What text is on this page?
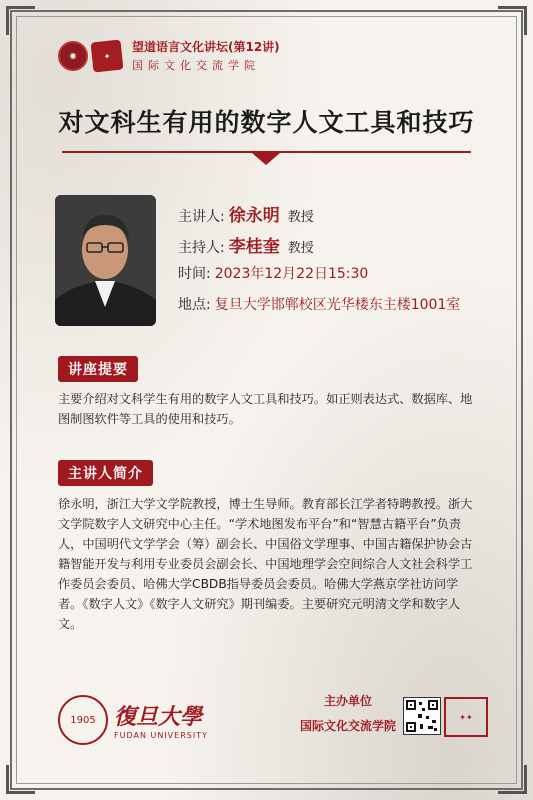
◉	✦
望道语言文化讲坛(第12讲)
国际文化交流学院
对文科生有用的数字人文工具和技巧
主讲人: 徐永明 教授
主持人: 李桂奎 教授
时间: 2023年12月22日15:30
地点: 复旦大学邯郸校区光华楼东主楼1001室
讲座提要
主要介绍对文科学生有用的数字人文工具和技巧。如正则表达式、数据库、地图制图软件等工具的使用和技巧。
主讲人简介
徐永明，浙江大学文学院教授，博士生导师。教育部长江学者特聘教授。浙大文学院数字人文研究中心主任。“学术地图发布平台”和“智慧古籍平台”负责人，中国明代文学学会（筹）副会长、中国俗文学理事、中国古籍保护协会古籍智能开发与利用专业委员会副会长、中国地理学会空间综合人文社会科学工作委员会委员、哈佛大学CBDB指导委员会委员。哈佛大学燕京学社访问学者。《数字人文》《数字人文研究》期刊编委。主要研究元明清文学和数字人文。
1905 復旦大學
FUDAN UNIVERSITY
主办单位
国际文化交流学院
✦✦
